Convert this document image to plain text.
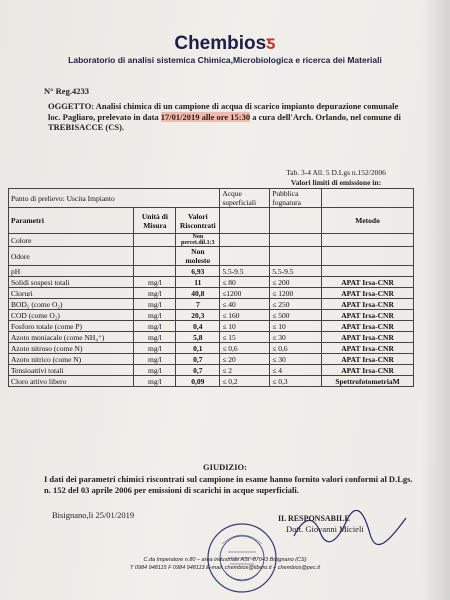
Chembiosƽ
Laboratorio di analisi sistemica Chimica,Microbiologica e ricerca dei Materiali
N° Reg.4233
OGGETTO: Analisi chimica di un campione di acqua di scarico impianto depurazione comunale loc. Pagliaro, prelevato in data 17/01/2019 alle ore 15:30 a cura dell'Arch. Orlando, nel comune di TREBISACCE (CS).
Tab. 3-4 All. 5 D.Lgs n.152/2006
Valori limiti di emissione in:
Punto di prelievo: Uscita Impianto			Acque superficiali	Pubblica fognatura	
Parametri	Unità di Misura	Valori Riscontrati			Metodo
Colore		Non percet.dil.1:3			
Odore		Non molesto			
pH		6,93	5.5-9.5	5.5-9.5	
Solidi sospesi totali	mg/l	11	≤ 80	≤ 200	APAT Irsa-CNR
Cloruri	mg/l	40,8	≤1200	≤ 1200	APAT Irsa-CNR
BOD₅ (come O₂)	mg/l	7	≤ 40	≤ 250	APAT Irsa-CNR
COD (come O₂)	mg/l	20,3	≤ 160	≤ 500	APAT Irsa-CNR
Fosforo totale (come P)	mg/l	0,4	≤ 10	≤ 10	APAT Irsa-CNR
Azoto moniacale (come NH₄⁺)	mg/l	5,8	≤ 15	≤ 30	APAT Irsa-CNR
Azoto nitroso (come N)	mg/l	0,1	≤ 0,6	≤ 0,6	APAT Irsa-CNR
Azoto nitrico (come N)	mg/l	0,7	≤ 20	≤ 30	APAT Irsa-CNR
Tensioattivi totali	mg/l	0,7	≤ 2	≤ 4	APAT Irsa-CNR
Cloro attivo libero	mg/l	0,09	≤ 0,2	≤ 0,3	SpettrofotometriaM
GIUDIZIO:
I dati dei parametri chimici riscontrati sul campione in esame hanno fornito valori conformi al D.Lgs. n. 152 del 03 aprile 2006 per emissioni di scarichi in acque superficiali.
Bisignano,li 25/01/2019	IL RESPONSABILE
Dott. Giovanni Micieli
C.da Imperatore n.80 – area industriale ASI -87043 Bisignano (CS)
T 0984 948115 F 0984 948113 E-mail: chembios@libero.it – chembios@pec.it
